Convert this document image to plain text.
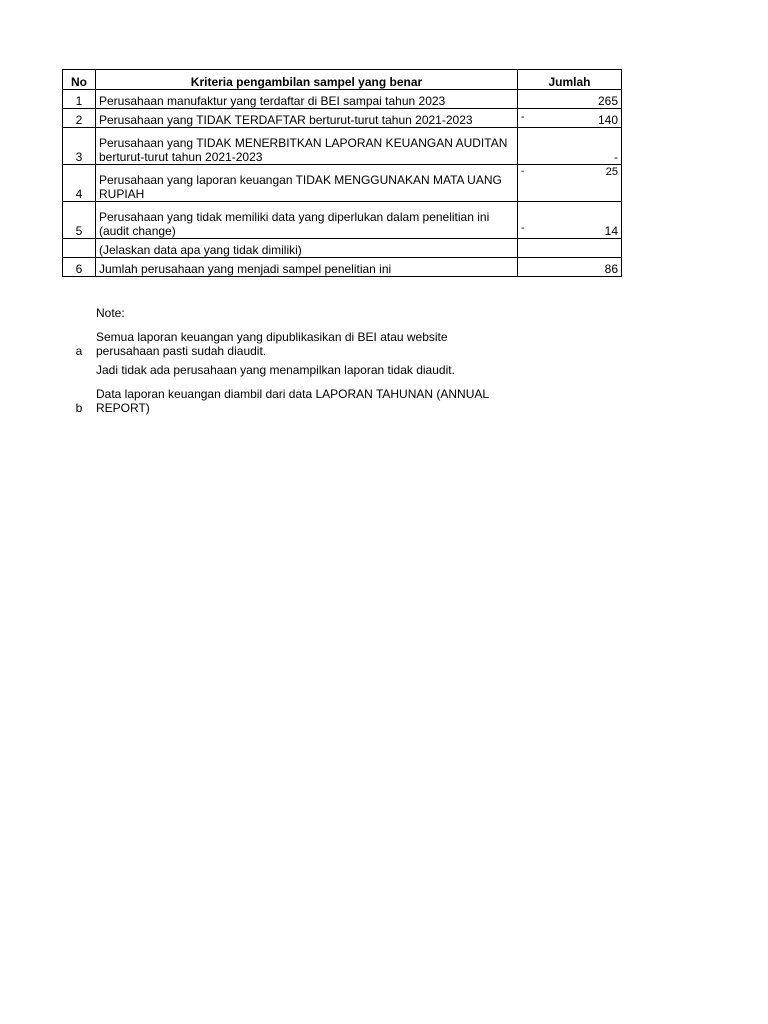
No	Kriteria pengambilan sampel yang benar	Jumlah
1	Perusahaan manufaktur yang terdaftar di BEI sampai tahun 2023	265

2	Perusahaan yang TIDAK TERDAFTAR berturut-turut tahun 2021-2023	- 140

3	Perusahaan yang TIDAK MENERBITKAN LAPORAN KEUANGAN AUDITAN berturut-turut tahun 2021-2023	-

4	Perusahaan yang laporan keuangan TIDAK MENGGUNAKAN MATA UANG RUPIAH	- 25

5	Perusahaan yang tidak memiliki data yang diperlukan dalam penelitian ini (audit change)	- 14

	(Jelaskan data apa yang tidak dimiliki)	

6	Jumlah perusahaan yang menjadi sampel penelitian ini	86
Note:
a
Semua laporan keuangan yang dipublikasikan di BEI atau website perusahaan pasti sudah diaudit.
Jadi tidak ada perusahaan yang menampilkan laporan tidak diaudit.
b
Data laporan keuangan diambil dari data LAPORAN TAHUNAN (ANNUAL REPORT)
